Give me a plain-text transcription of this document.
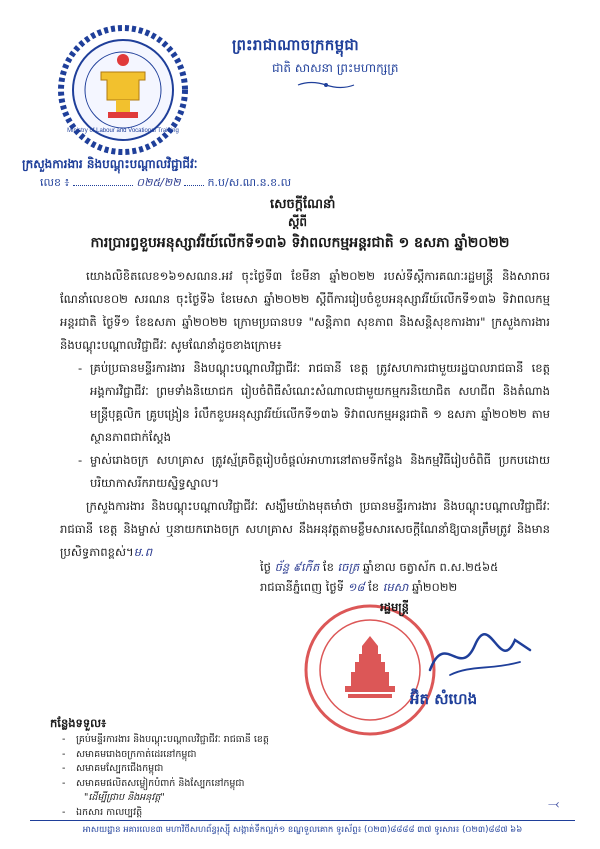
Ministry of Labour and Vocational Training
ព្រះរាជាណាចក្រកម្ពុជា
ជាតិ សាសនា ព្រះមហាក្សត្រ
ក្រសួងការងារ និងបណ្តុះបណ្តាលវិជ្ជាជីវៈ
លេខ ៖	០២៥/២២ ក.ប/ស.ណ.ន.ខ.ល
សេចក្តីណែនាំ
ស្តីពី
ការប្រារព្ធខួបអនុស្សាវរីយ៍លើកទី១៣៦ ទិវាពលកម្មអន្តរជាតិ ១ ឧសភា ឆ្នាំ២០២២

យោងលិខិតលេខ១៦១សណន.អវ ចុះថ្ងៃទី៣ ខែមីនា ឆ្នាំ២០២២ របស់ទីស្តីការគណៈរដ្ឋមន្ត្រី និងសារាចរណែនាំលេខ០២ សរណន ចុះថ្ងៃទី៦ ខែមេសា ឆ្នាំ២០២២ ស្តីពីការរៀបចំខួបអនុស្សាវរីយ៍លើកទី១៣៦ ទិវាពលកម្មអន្តរជាតិ ថ្ងៃទី១ ខែឧសភា ឆ្នាំ២០២២ ក្រោមប្រធានបទ "សន្តិភាព សុខភាព និងសន្តិសុខការងារ" ក្រសួងការងារ និងបណ្តុះបណ្តាលវិជ្ជាជីវៈ សូមណែនាំដូចខាងក្រោម៖

- គ្រប់ប្រធានមន្ទីរការងារ និងបណ្តុះបណ្តាលវិជ្ជាជីវៈ រាជធានី ខេត្ត ត្រូវសហការជាមួយរដ្ឋបាលរាជធានី ខេត្ត អង្គការវិជ្ជាជីវៈ ព្រមទាំងនិយោជក រៀបចំពិធីសំណេះសំណាលជាមួយកម្មករនិយោជិត សហជីព និងតំណាងមន្ត្រីបុគ្គលិក គ្រូបង្រៀន រំលឹកខួបអនុស្សាវរីយ៍លើកទី១៣៦ ទិវាពលកម្មអន្តរជាតិ ១ ឧសភា ឆ្នាំ២០២២ តាមស្ថានភាពជាក់ស្តែង
- ម្ចាស់រោងចក្រ សហគ្រាស ត្រូវស្ម័គ្រចិត្តរៀបចំផ្តល់អាហារនៅតាមទីកន្លែង និងកម្មវិធីរៀបចំពិធី ប្រកបដោយបរិយាកាសរីករាយស្និទ្ធស្នាល។

ក្រសួងការងារ និងបណ្តុះបណ្តាលវិជ្ជាជីវៈ សង្ឃឹមយ៉ាងមុតមាំថា ប្រធានមន្ទីរការងារ និងបណ្តុះបណ្តាលវិជ្ជាជីវៈ រាជធានី ខេត្ត និងម្ចាស់ ឬនាយករោងចក្រ សហគ្រាស នឹងអនុវត្តតាមខ្លឹមសារសេចក្តីណែនាំឱ្យបានត្រឹមត្រូវ និងមានប្រសិទ្ធភាពខ្ពស់។ម.ព

ថ្ងៃ ច័ន្ទ ៩កើត ខែ ចេត្រ ឆ្នាំខាល ចត្វាស័ក ព.ស.២៥៦៥
រាជធានីភ្នំពេញ ថ្ងៃទី ១៨ ខែ មេសា ឆ្នាំ២០២២
រដ្ឋមន្ត្រី
អ៊ិត សំហេង
កន្លែងទទួល៖
- គ្រប់មន្ទីរការងារ និងបណ្តុះបណ្តាលវិជ្ជាជីវៈ រាជធានី ខេត្ត
- សមាគមរោងចក្រកាត់ដេរនៅកម្ពុជា
- សមាគមស្បែកជើងកម្ពុជា
- សមាគមផលិតសម្លៀកបំពាក់ និងស្បែកនៅកម្ពុជា
"ដើម្បីជ្រាប និងអនុវត្ត"
- ឯកសារ កាលប្បវត្តិ
⤙
អាសយដ្ឋាន អគារលេខ៣ មហាវិថីសហព័ន្ធរុស្ស៊ី សង្កាត់ទឹកល្អក់១ ខណ្ឌទួលគោក ទូរស័ព្ទ៖ (០២៣)៨៨៨៨ ៣៧ ទូរសារ៖ (០២៣)៨៨៧ ៦៦
